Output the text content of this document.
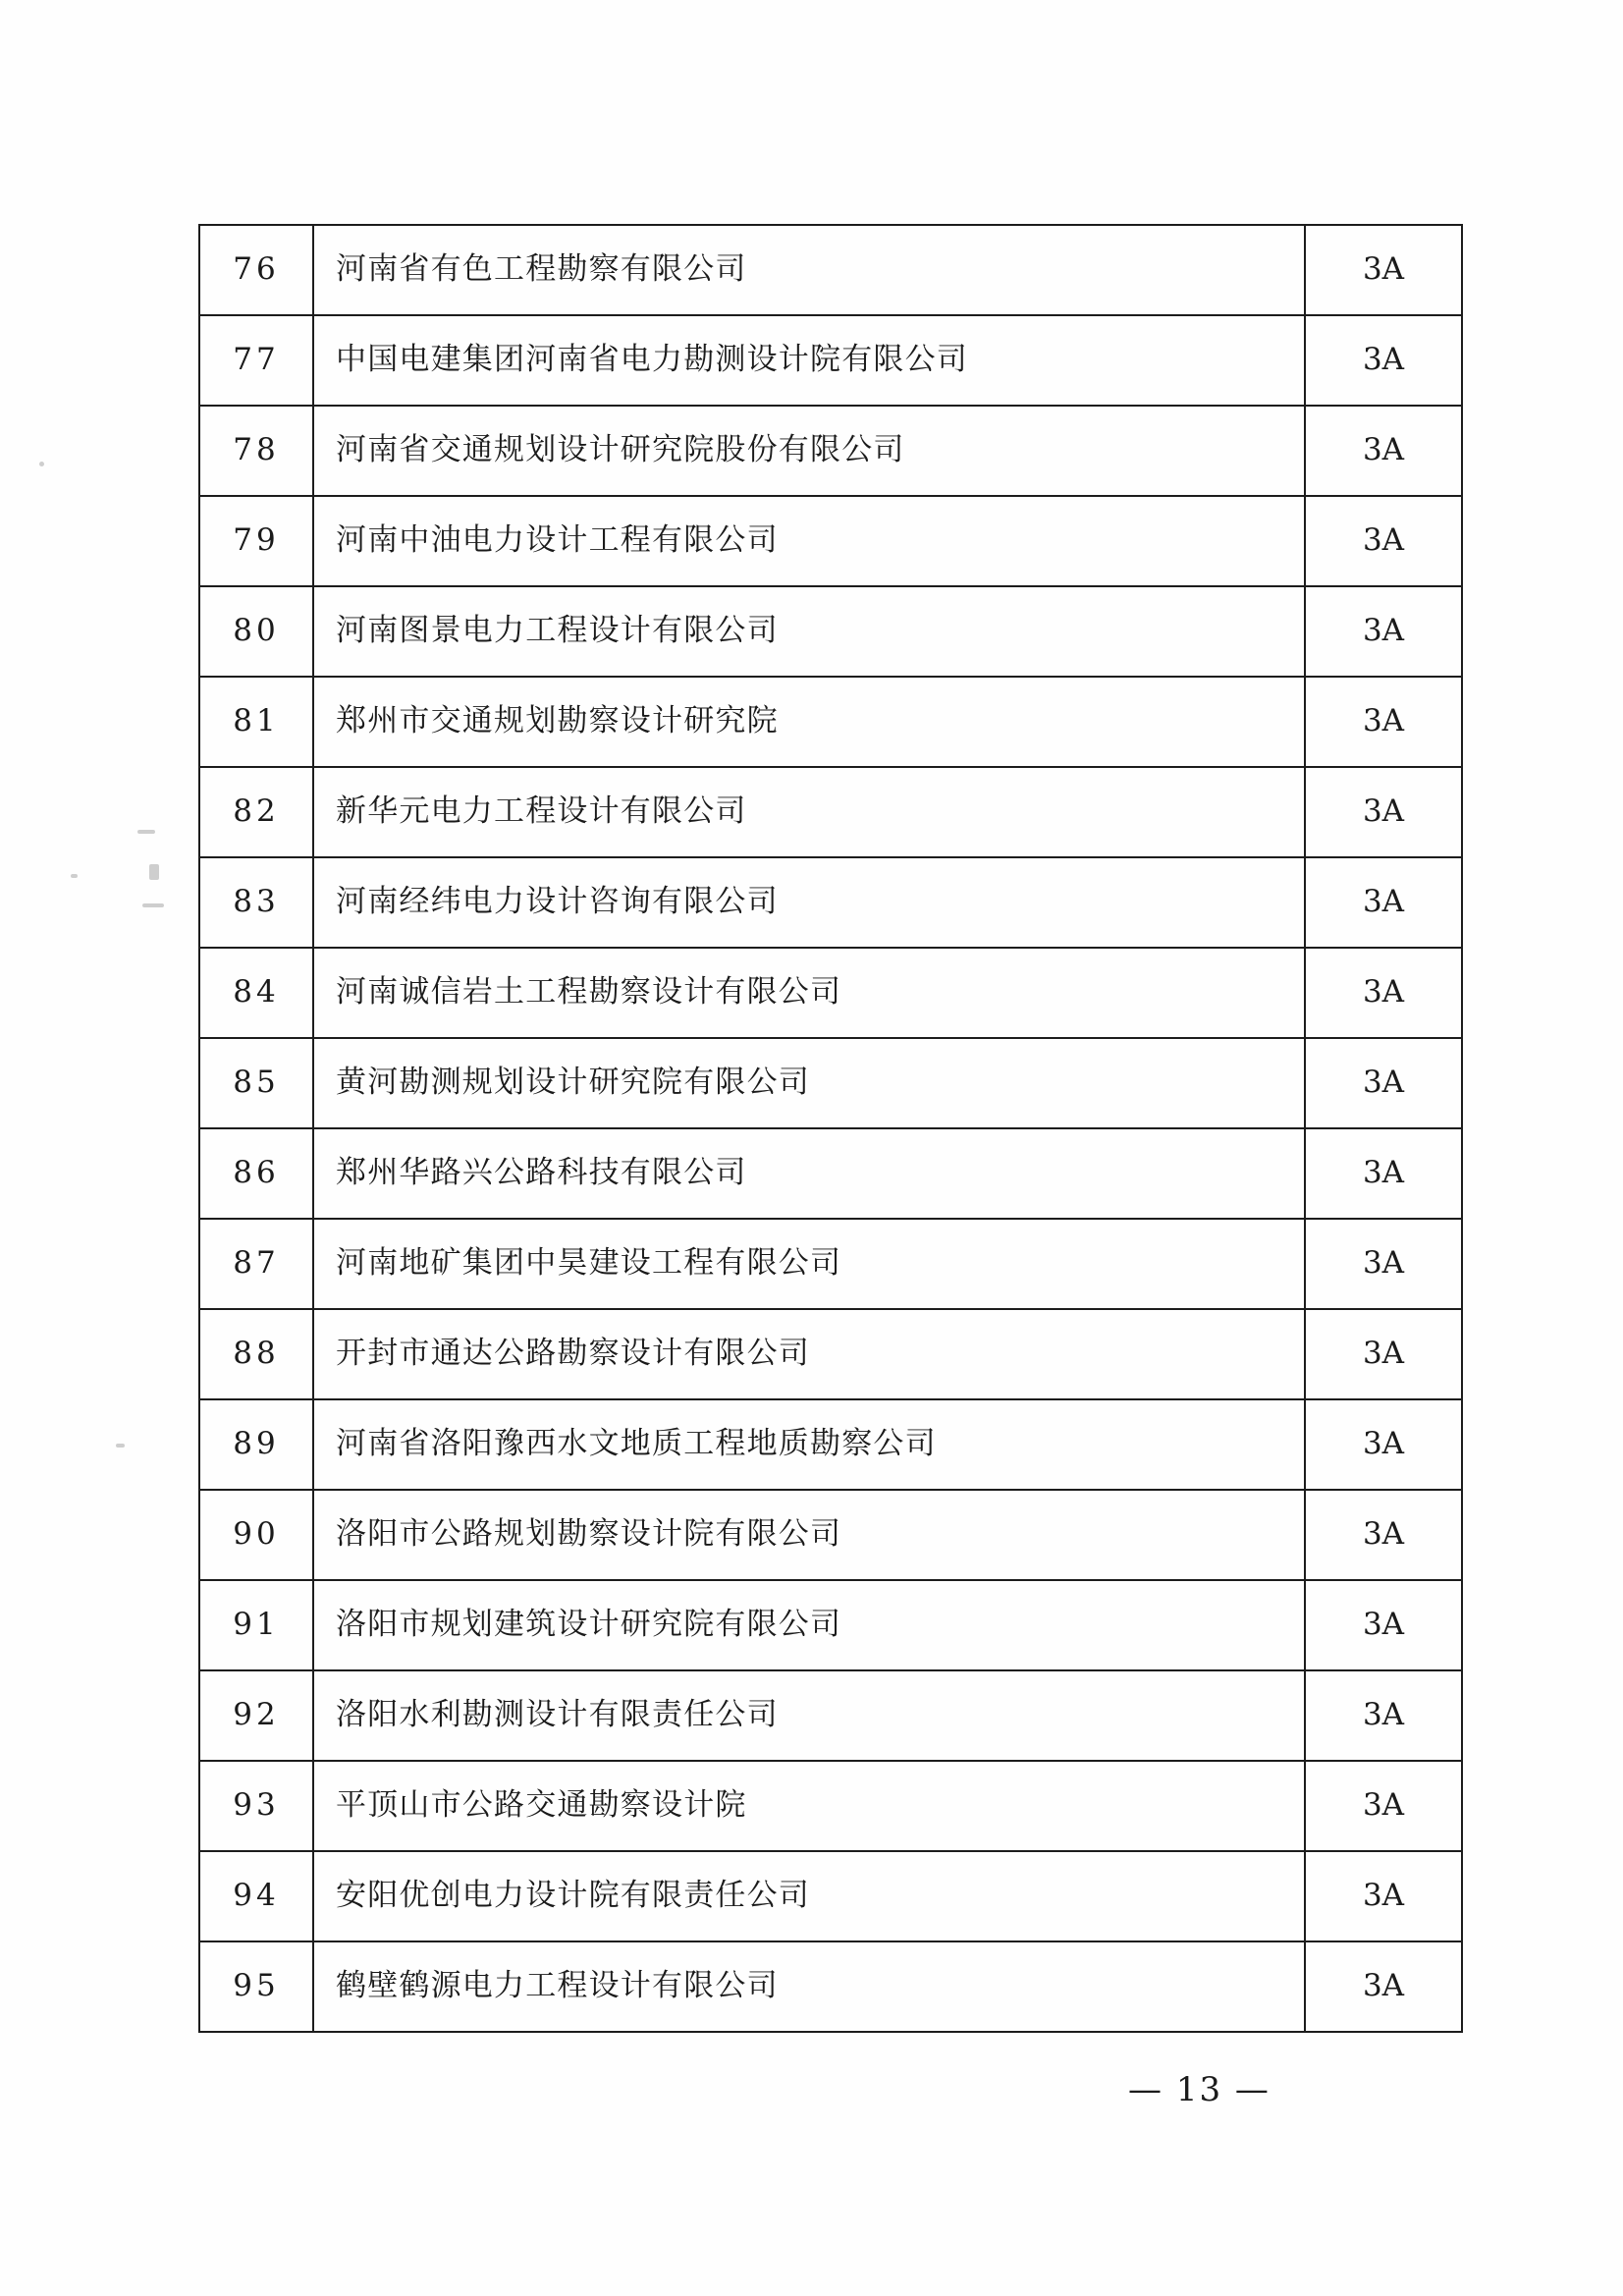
76	河南省有色工程勘察有限公司	3A
77	中国电建集团河南省电力勘测设计院有限公司	3A
78	河南省交通规划设计研究院股份有限公司	3A
79	河南中油电力设计工程有限公司	3A
80	河南图景电力工程设计有限公司	3A
81	郑州市交通规划勘察设计研究院	3A
82	新华元电力工程设计有限公司	3A
83	河南经纬电力设计咨询有限公司	3A
84	河南诚信岩土工程勘察设计有限公司	3A
85	黄河勘测规划设计研究院有限公司	3A
86	郑州华路兴公路科技有限公司	3A
87	河南地矿集团中昊建设工程有限公司	3A
88	开封市通达公路勘察设计有限公司	3A
89	河南省洛阳豫西水文地质工程地质勘察公司	3A
90	洛阳市公路规划勘察设计院有限公司	3A
91	洛阳市规划建筑设计研究院有限公司	3A
92	洛阳水利勘测设计有限责任公司	3A
93	平顶山市公路交通勘察设计院	3A
94	安阳优创电力设计院有限责任公司	3A
95	鹤壁鹤源电力工程设计有限公司	3A
— 13 —
